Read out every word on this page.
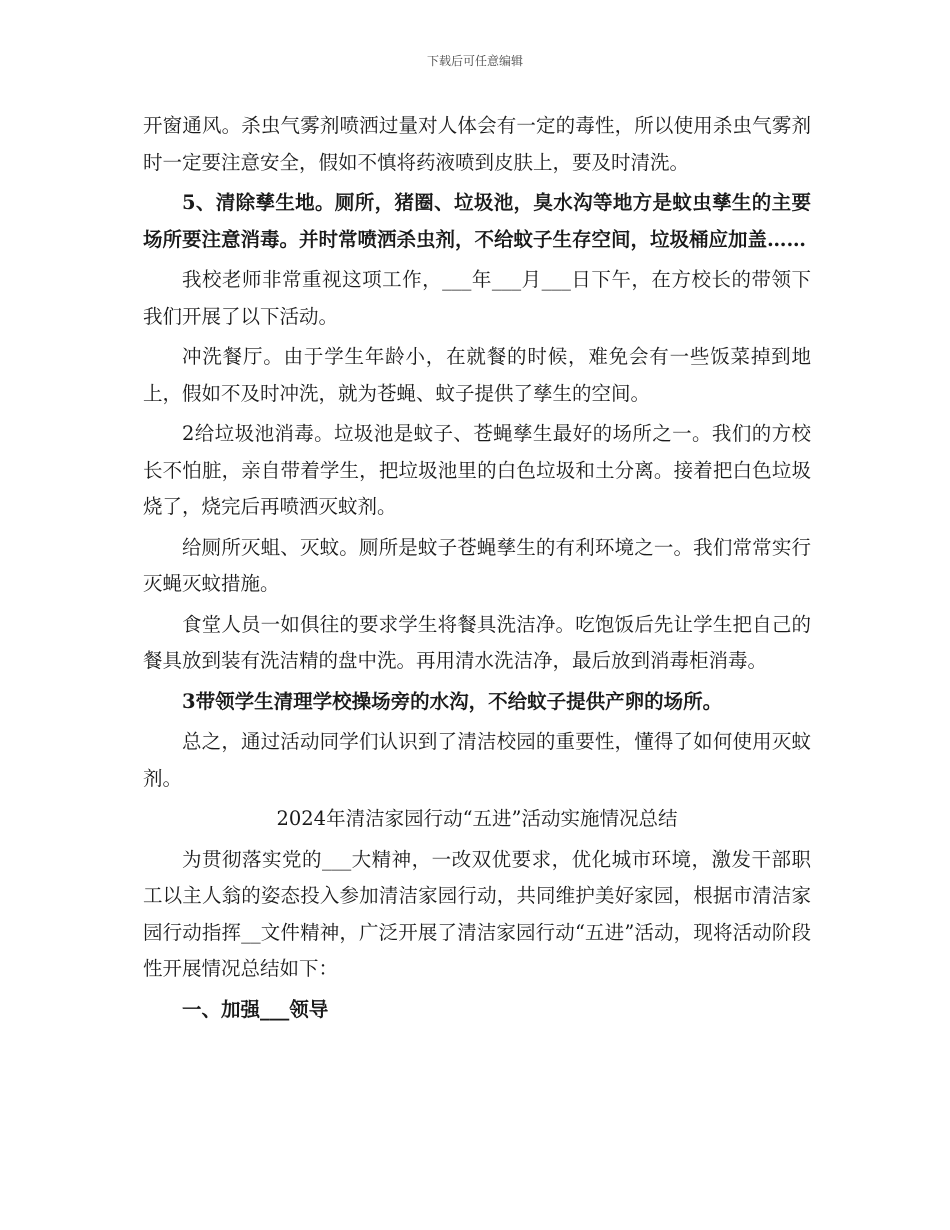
下载后可任意编辑

开窗通风。杀虫气雾剂喷洒过量对人体会有一定的毒性，所以使用杀虫气雾剂时一定要注意安全，假如不慎将药液喷到皮肤上，要及时清洗。

5、清除孳生地。厕所，猪圈、垃圾池，臭水沟等地方是蚊虫孳生的主要场所要注意消毒。并时常喷洒杀虫剂，不给蚊子生存空间，垃圾桶应加盖……

我校老师非常重视这项工作，___年___月___日下午，在方校长的带领下我们开展了以下活动。

冲洗餐厅。由于学生年龄小，在就餐的时候，难免会有一些饭菜掉到地上，假如不及时冲洗，就为苍蝇、蚊子提供了孳生的空间。

2给垃圾池消毒。垃圾池是蚊子、苍蝇孳生最好的场所之一。我们的方校长不怕脏，亲自带着学生，把垃圾池里的白色垃圾和土分离。接着把白色垃圾烧了，烧完后再喷洒灭蚊剂。

给厕所灭蛆、灭蚊。厕所是蚊子苍蝇孳生的有利环境之一。我们常常实行灭蝇灭蚊措施。

食堂人员一如俱往的要求学生将餐具洗洁净。吃饱饭后先让学生把自己的餐具放到装有洗洁精的盘中洗。再用清水洗洁净，最后放到消毒柜消毒。

3带领学生清理学校操场旁的水沟，不给蚊子提供产卵的场所。

总之，通过活动同学们认识到了清洁校园的重要性，懂得了如何使用灭蚊剂。

2024年清洁家园行动“五进”活动实施情况总结

为贯彻落实党的___大精神，一改双优要求，优化城市环境，激发干部职工以主人翁的姿态投入参加清洁家园行动，共同维护美好家园，根据市清洁家园行动指挥__文件精神，广泛开展了清洁家园行动“五进”活动，现将活动阶段性开展情况总结如下：

一、加强___领导
